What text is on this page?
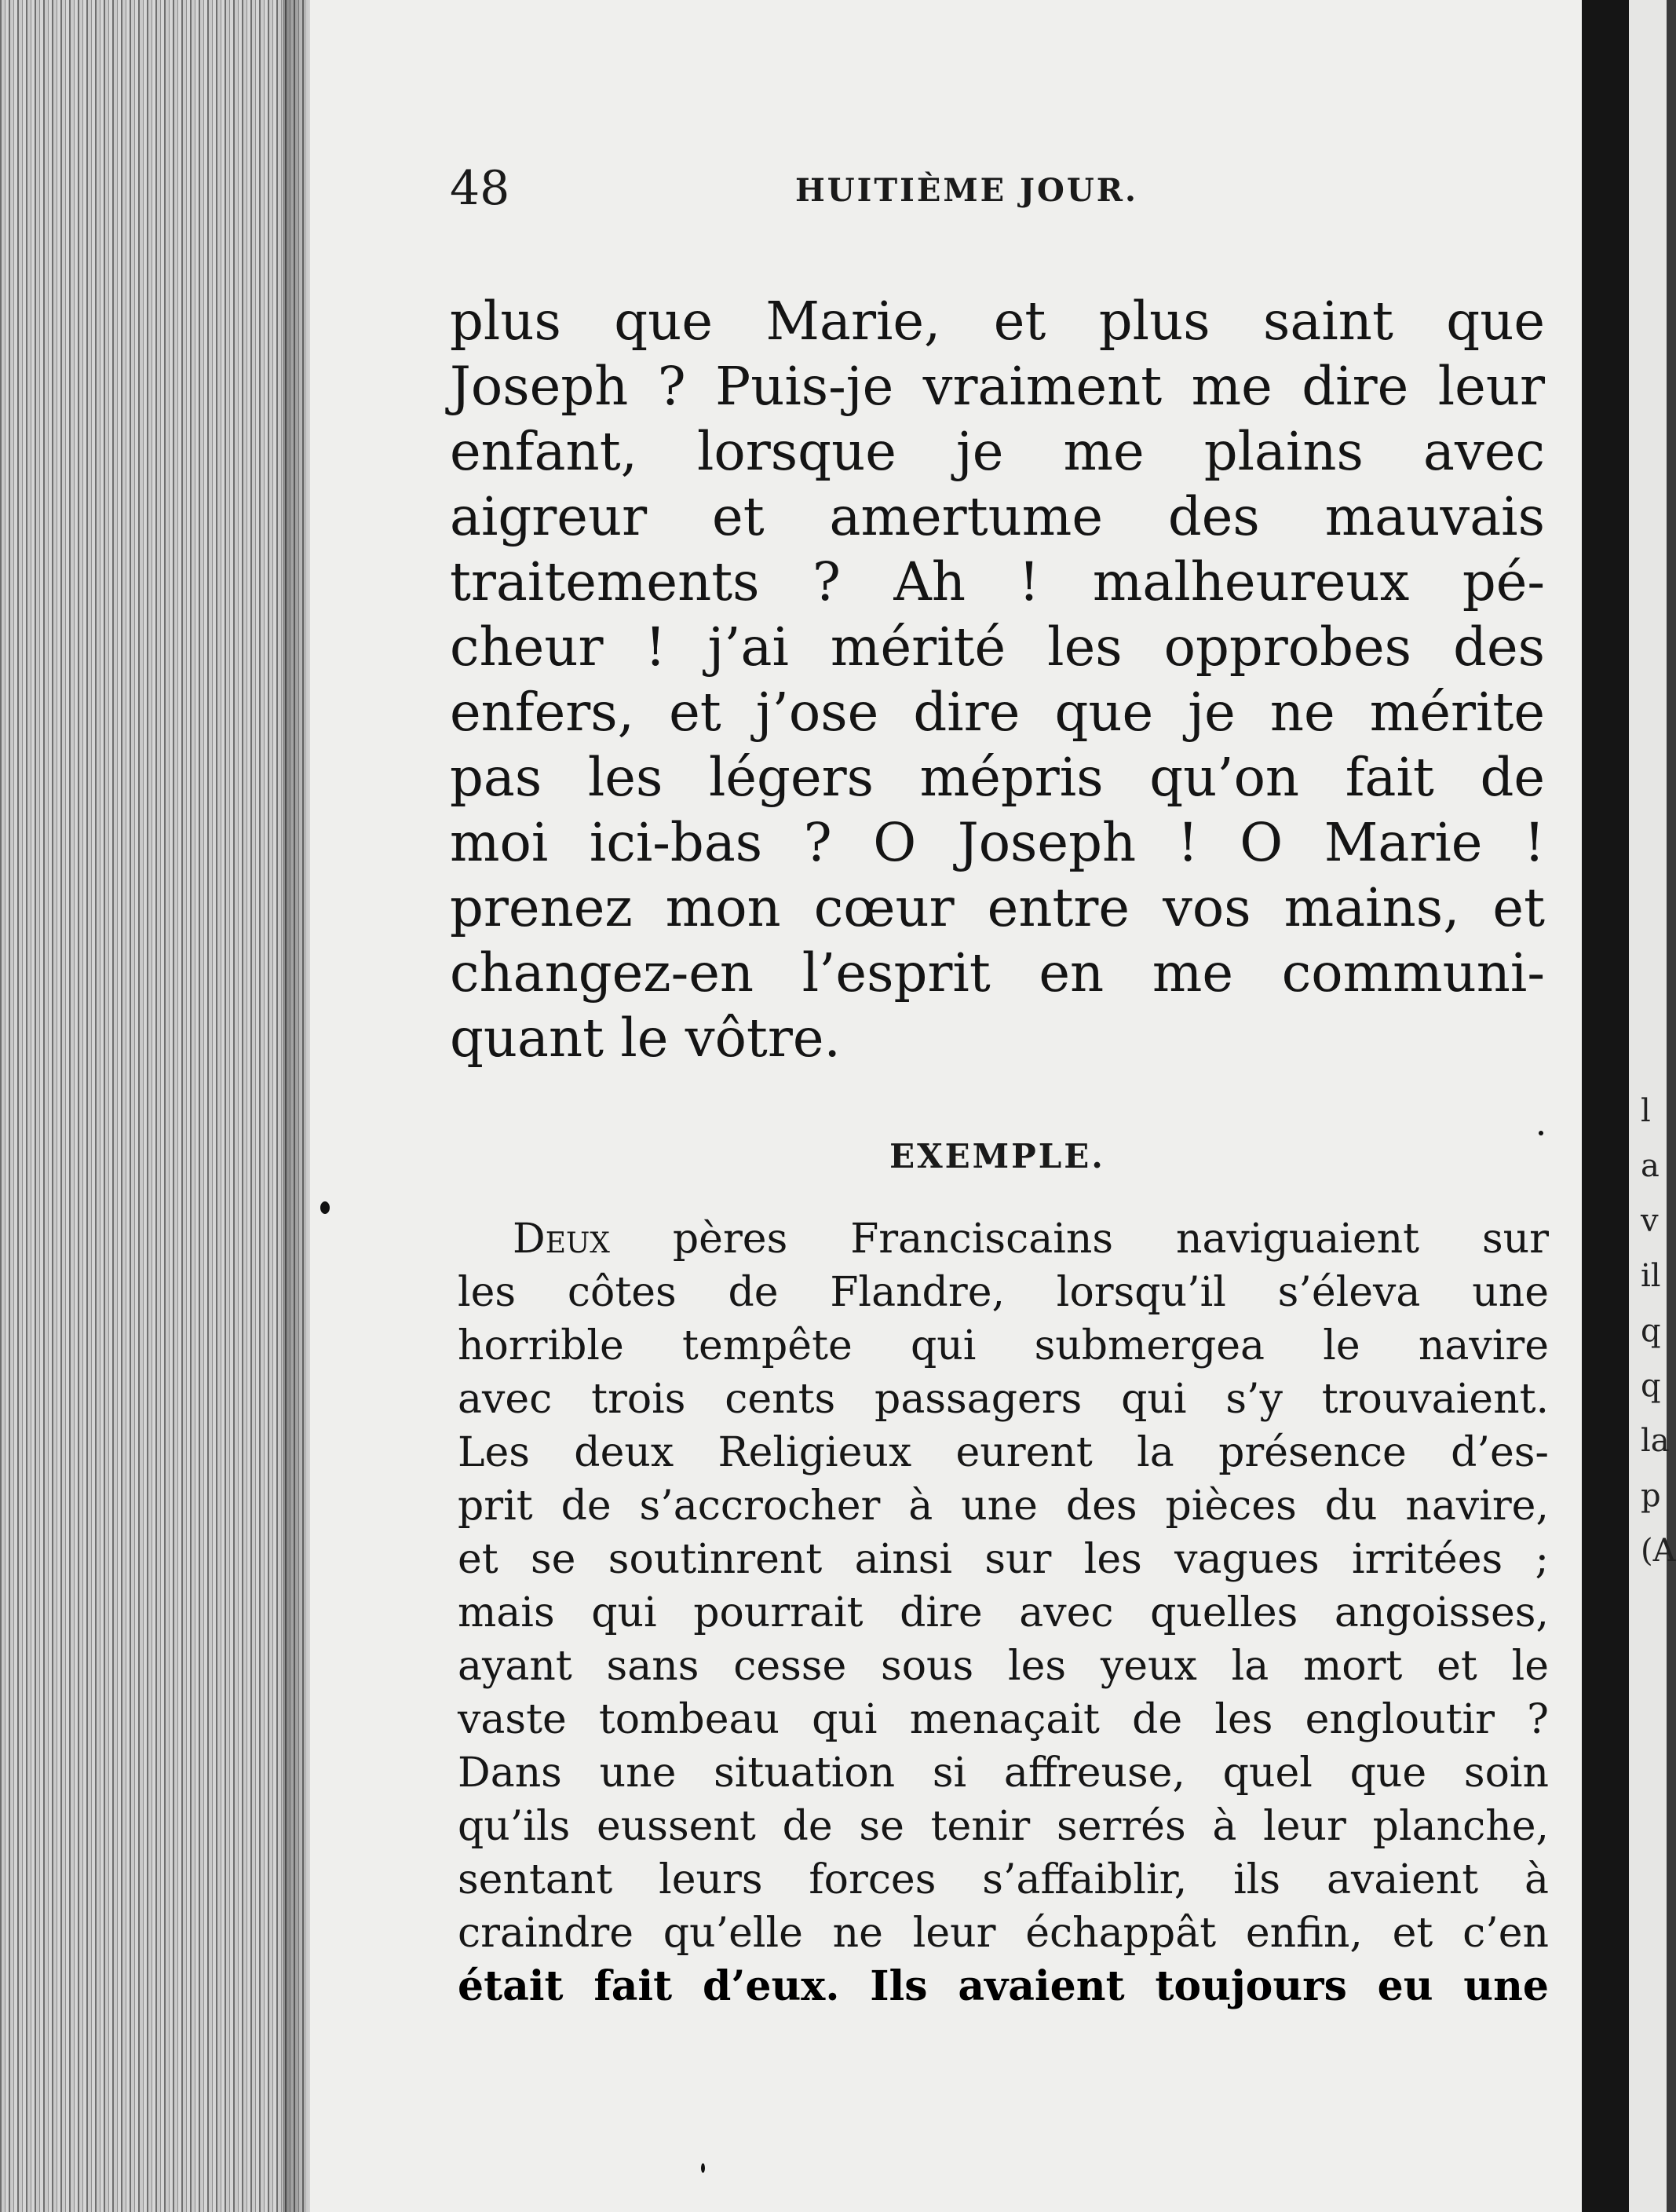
l
a
v
il
q
q
la
p
(A
48	HUITIÈME JOUR.

plus que Marie, et plus saint que
Joseph ? Puis-je vraiment me dire leur
enfant, lorsque je me plains avec
aigreur et amertume des mauvais
traitements ? Ah ! malheureux pé-
cheur ! j’ai mérité les opprobes des
enfers, et j’ose dire que je ne mérite
pas les légers mépris qu’on fait de
moi ici-bas ? O Joseph ! O Marie !
prenez mon cœur entre vos mains, et
changez-en l’esprit en me communi-
quant le vôtre.

EXEMPLE.

Deux pères Franciscains naviguaient sur
les côtes de Flandre, lorsqu’il s’éleva une
horrible tempête qui submergea le navire
avec trois cents passagers qui s’y trouvaient.
Les deux Religieux eurent la présence d’es-
prit de s’accrocher à une des pièces du navire,
et se soutinrent ainsi sur les vagues irritées ;
mais qui pourrait dire avec quelles angoisses,
ayant sans cesse sous les yeux la mort et le
vaste tombeau qui menaçait de les engloutir ?
Dans une situation si affreuse, quel que soin
qu’ils eussent de se tenir serrés à leur planche,
sentant leurs forces s’affaiblir, ils avaient à
craindre qu’elle ne leur échappât enfin, et c’en
était fait d’eux. Ils avaient toujours eu une
